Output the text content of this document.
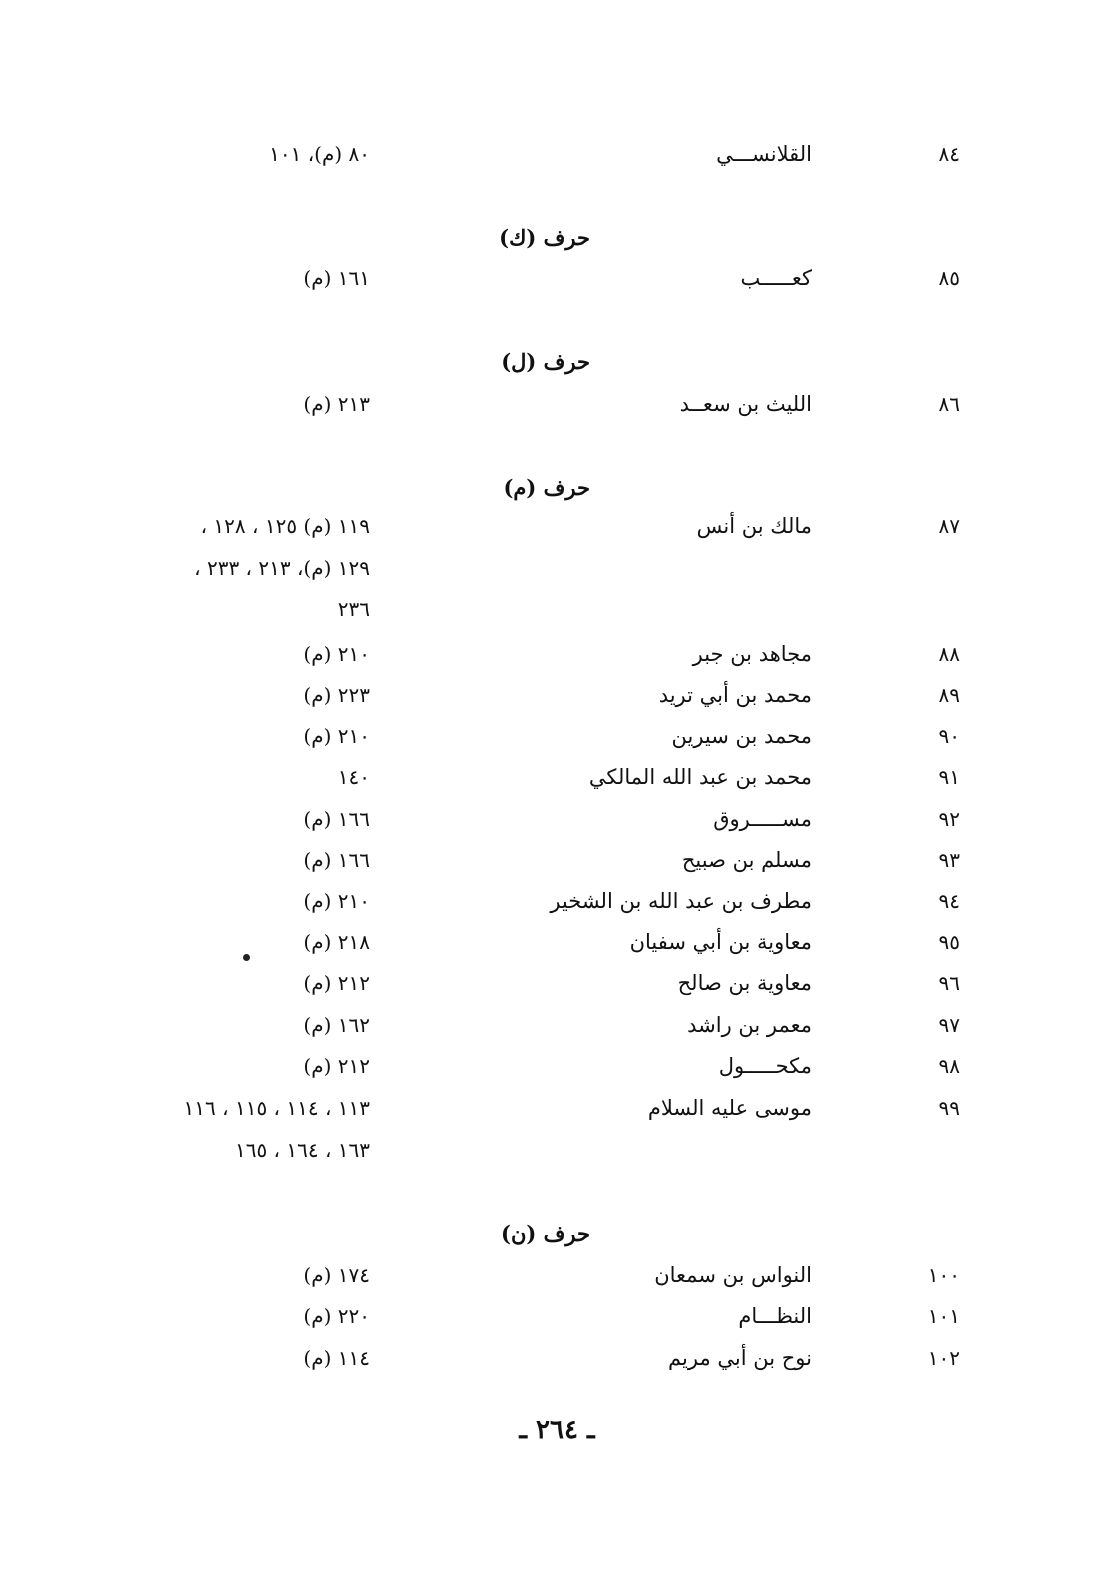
٨٤
القلانســـي
٨٠ (م)، ١٠١
حرف (ك)
٨٥
كعـــــب
١٦١ (م)
حرف (ل)
٨٦
الليث بن سعــد
٢١٣ (م)
حرف (م)
٨٧
مالك بن أنس
١١٩ (م) ١٢٥ ، ١٢٨ ،
١٢٩ (م)، ٢١٣ ، ٢٣٣ ،
٢٣٦
٨٨
مجاهد بن جبر
٢١٠ (م)
٨٩
محمد بن أبي تريد
٢٢٣ (م)
٩٠
محمد بن سيرين
٢١٠ (م)
٩١
محمد بن عبد الله المالكي
١٤٠
٩٢
مســـــروق
١٦٦ (م)
٩٣
مسلم بن صبيح
١٦٦ (م)
٩٤
مطرف بن عبد الله بن الشخير
٢١٠ (م)
٩٥
معاوية بن أبي سفيان
٢١٨ (م)
٩٦
معاوية بن صالح
٢١٢ (م)
٩٧
معمر بن راشد
١٦٢ (م)
٩٨
مكحـــــول
٢١٢ (م)
٩٩
موسى عليه السلام
١١٣ ، ١١٤ ، ١١٥ ، ١١٦
١٦٣ ، ١٦٤ ، ١٦٥
حرف (ن)
١٠٠
النواس بن سمعان
١٧٤ (م)
١٠١
النظـــام
٢٢٠ (م)
١٠٢
نوح بن أبي مريم
١١٤ (م)
ـ ٢٦٤ ـ
